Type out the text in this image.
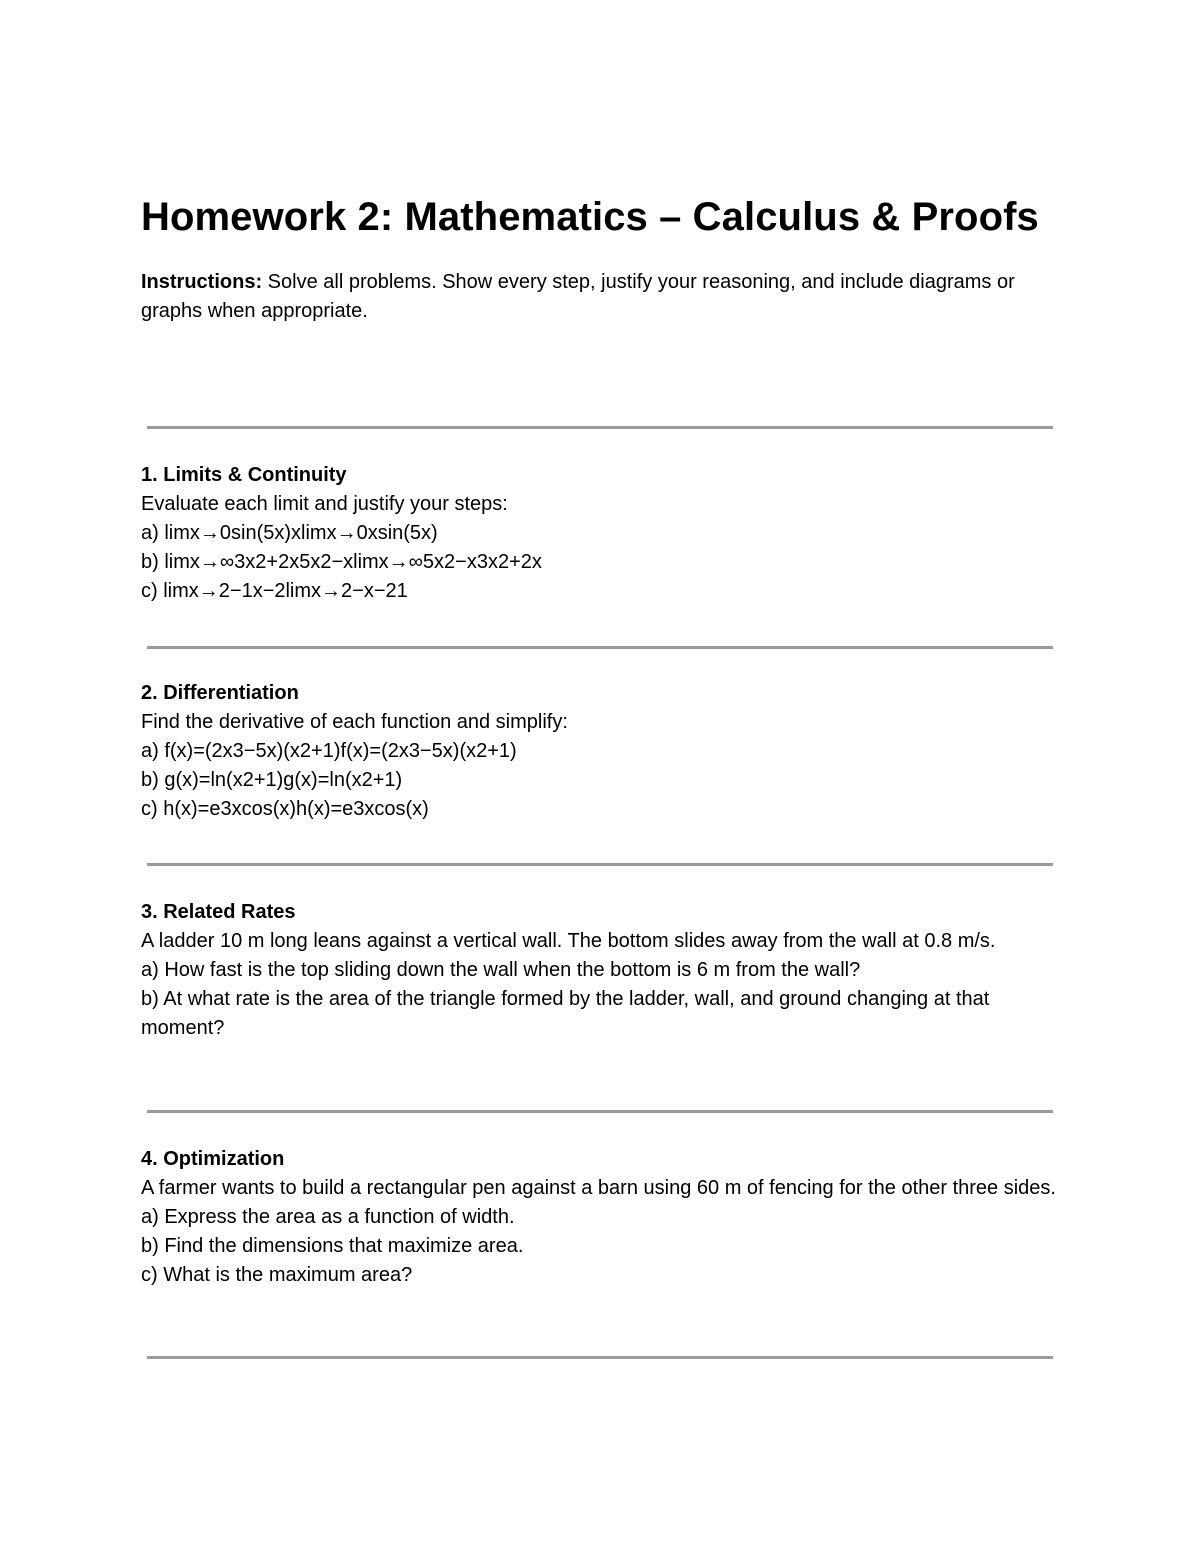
Homework 2: Mathematics – Calculus & Proofs
Instructions: Solve all problems. Show every step, justify your reasoning, and include diagrams or graphs when appropriate.
1. Limits & Continuity
Evaluate each limit and justify your steps:
a) limx→0sin(5x)xlimx→0​xsin(5x)​
b) limx→∞3x2+2x5x2−xlimx→∞​5x2−x3x2+2x​
c) limx→2−1x−2limx→2−​x−21​
2. Differentiation
Find the derivative of each function and simplify:
a) f(x)=(2x3−5x)(x2+1)f(x)=(2x3−5x)(x2+1)
b) g(x)=ln(x2+1)g(x)=ln(x2+1)
c) h(x)=e3xcos(x)h(x)=e3xcos(x)
3. Related Rates
A ladder 10 m long leans against a vertical wall. The bottom slides away from the wall at 0.8 m/s.
a) How fast is the top sliding down the wall when the bottom is 6 m from the wall?
b) At what rate is the area of the triangle formed by the ladder, wall, and ground changing at that moment?
4. Optimization
A farmer wants to build a rectangular pen against a barn using 60 m of fencing for the other three sides.
a) Express the area as a function of width.
b) Find the dimensions that maximize area.
c) What is the maximum area?
